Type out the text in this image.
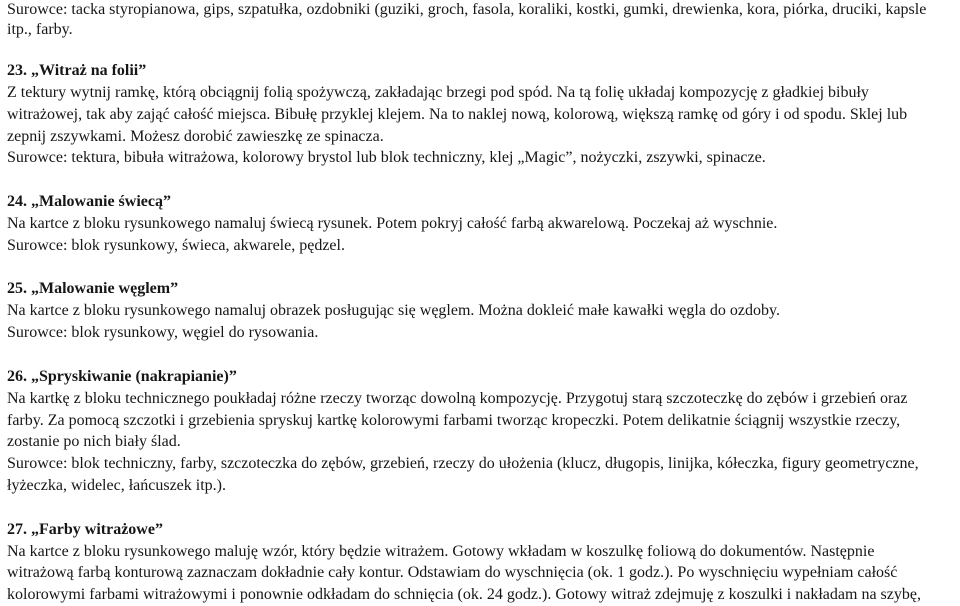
Surowce: tacka styropianowa, gips, szpatułka, ozdobniki (guziki, groch, fasola, koraliki, kostki, gumki, drewienka, kora, piórka, druciki, kapsle
itp., farby.
23. „Witraż na folii”
Z tektury wytnij ramkę, którą obciągnij folią spożywczą, zakładając brzegi pod spód. Na tą folię układaj kompozycję z gładkiej bibuły
witrażowej, tak aby zająć całość miejsca. Bibułę przyklej klejem. Na to naklej nową, kolorową, większą ramkę od góry i od spodu. Sklej lub
zepnij zszywkami. Możesz dorobić zawieszkę ze spinacza.
Surowce: tektura, bibuła witrażowa, kolorowy brystol lub blok techniczny, klej „Magic”, nożyczki, zszywki, spinacze.
24. „Malowanie świecą”
Na kartce z bloku rysunkowego namaluj świecą rysunek. Potem pokryj całość farbą akwarelową. Poczekaj aż wyschnie.
Surowce: blok rysunkowy, świeca, akwarele, pędzel.
25. „Malowanie węglem”
Na kartce z bloku rysunkowego namaluj obrazek posługując się węglem. Można dokleić małe kawałki węgla do ozdoby.
Surowce: blok rysunkowy, węgiel do rysowania.
26. „Spryskiwanie (nakrapianie)”
Na kartkę z bloku technicznego poukładaj różne rzeczy tworząc dowolną kompozycję. Przygotuj starą szczoteczkę do zębów i grzebień oraz
farby. Za pomocą szczotki i grzebienia spryskuj kartkę kolorowymi farbami tworząc kropeczki. Potem delikatnie ściągnij wszystkie rzeczy,
zostanie po nich biały ślad.
Surowce: blok techniczny, farby, szczoteczka do zębów, grzebień, rzeczy do ułożenia (klucz, długopis, linijka, kółeczka, figury geometryczne,
łyżeczka, widelec, łańcuszek itp.).
27. „Farby witrażowe”
Na kartce z bloku rysunkowego maluję wzór, który będzie witrażem. Gotowy wkładam w koszulkę foliową do dokumentów. Następnie
witrażową farbą konturową zaznaczam dokładnie cały kontur. Odstawiam do wyschnięcia (ok. 1 godz.). Po wyschnięciu wypełniam całość
kolorowymi farbami witrażowymi i ponownie odkładam do schnięcia (ok. 24 godz.). Gotowy witraż zdejmuję z koszulki i nakładam na szybę,
